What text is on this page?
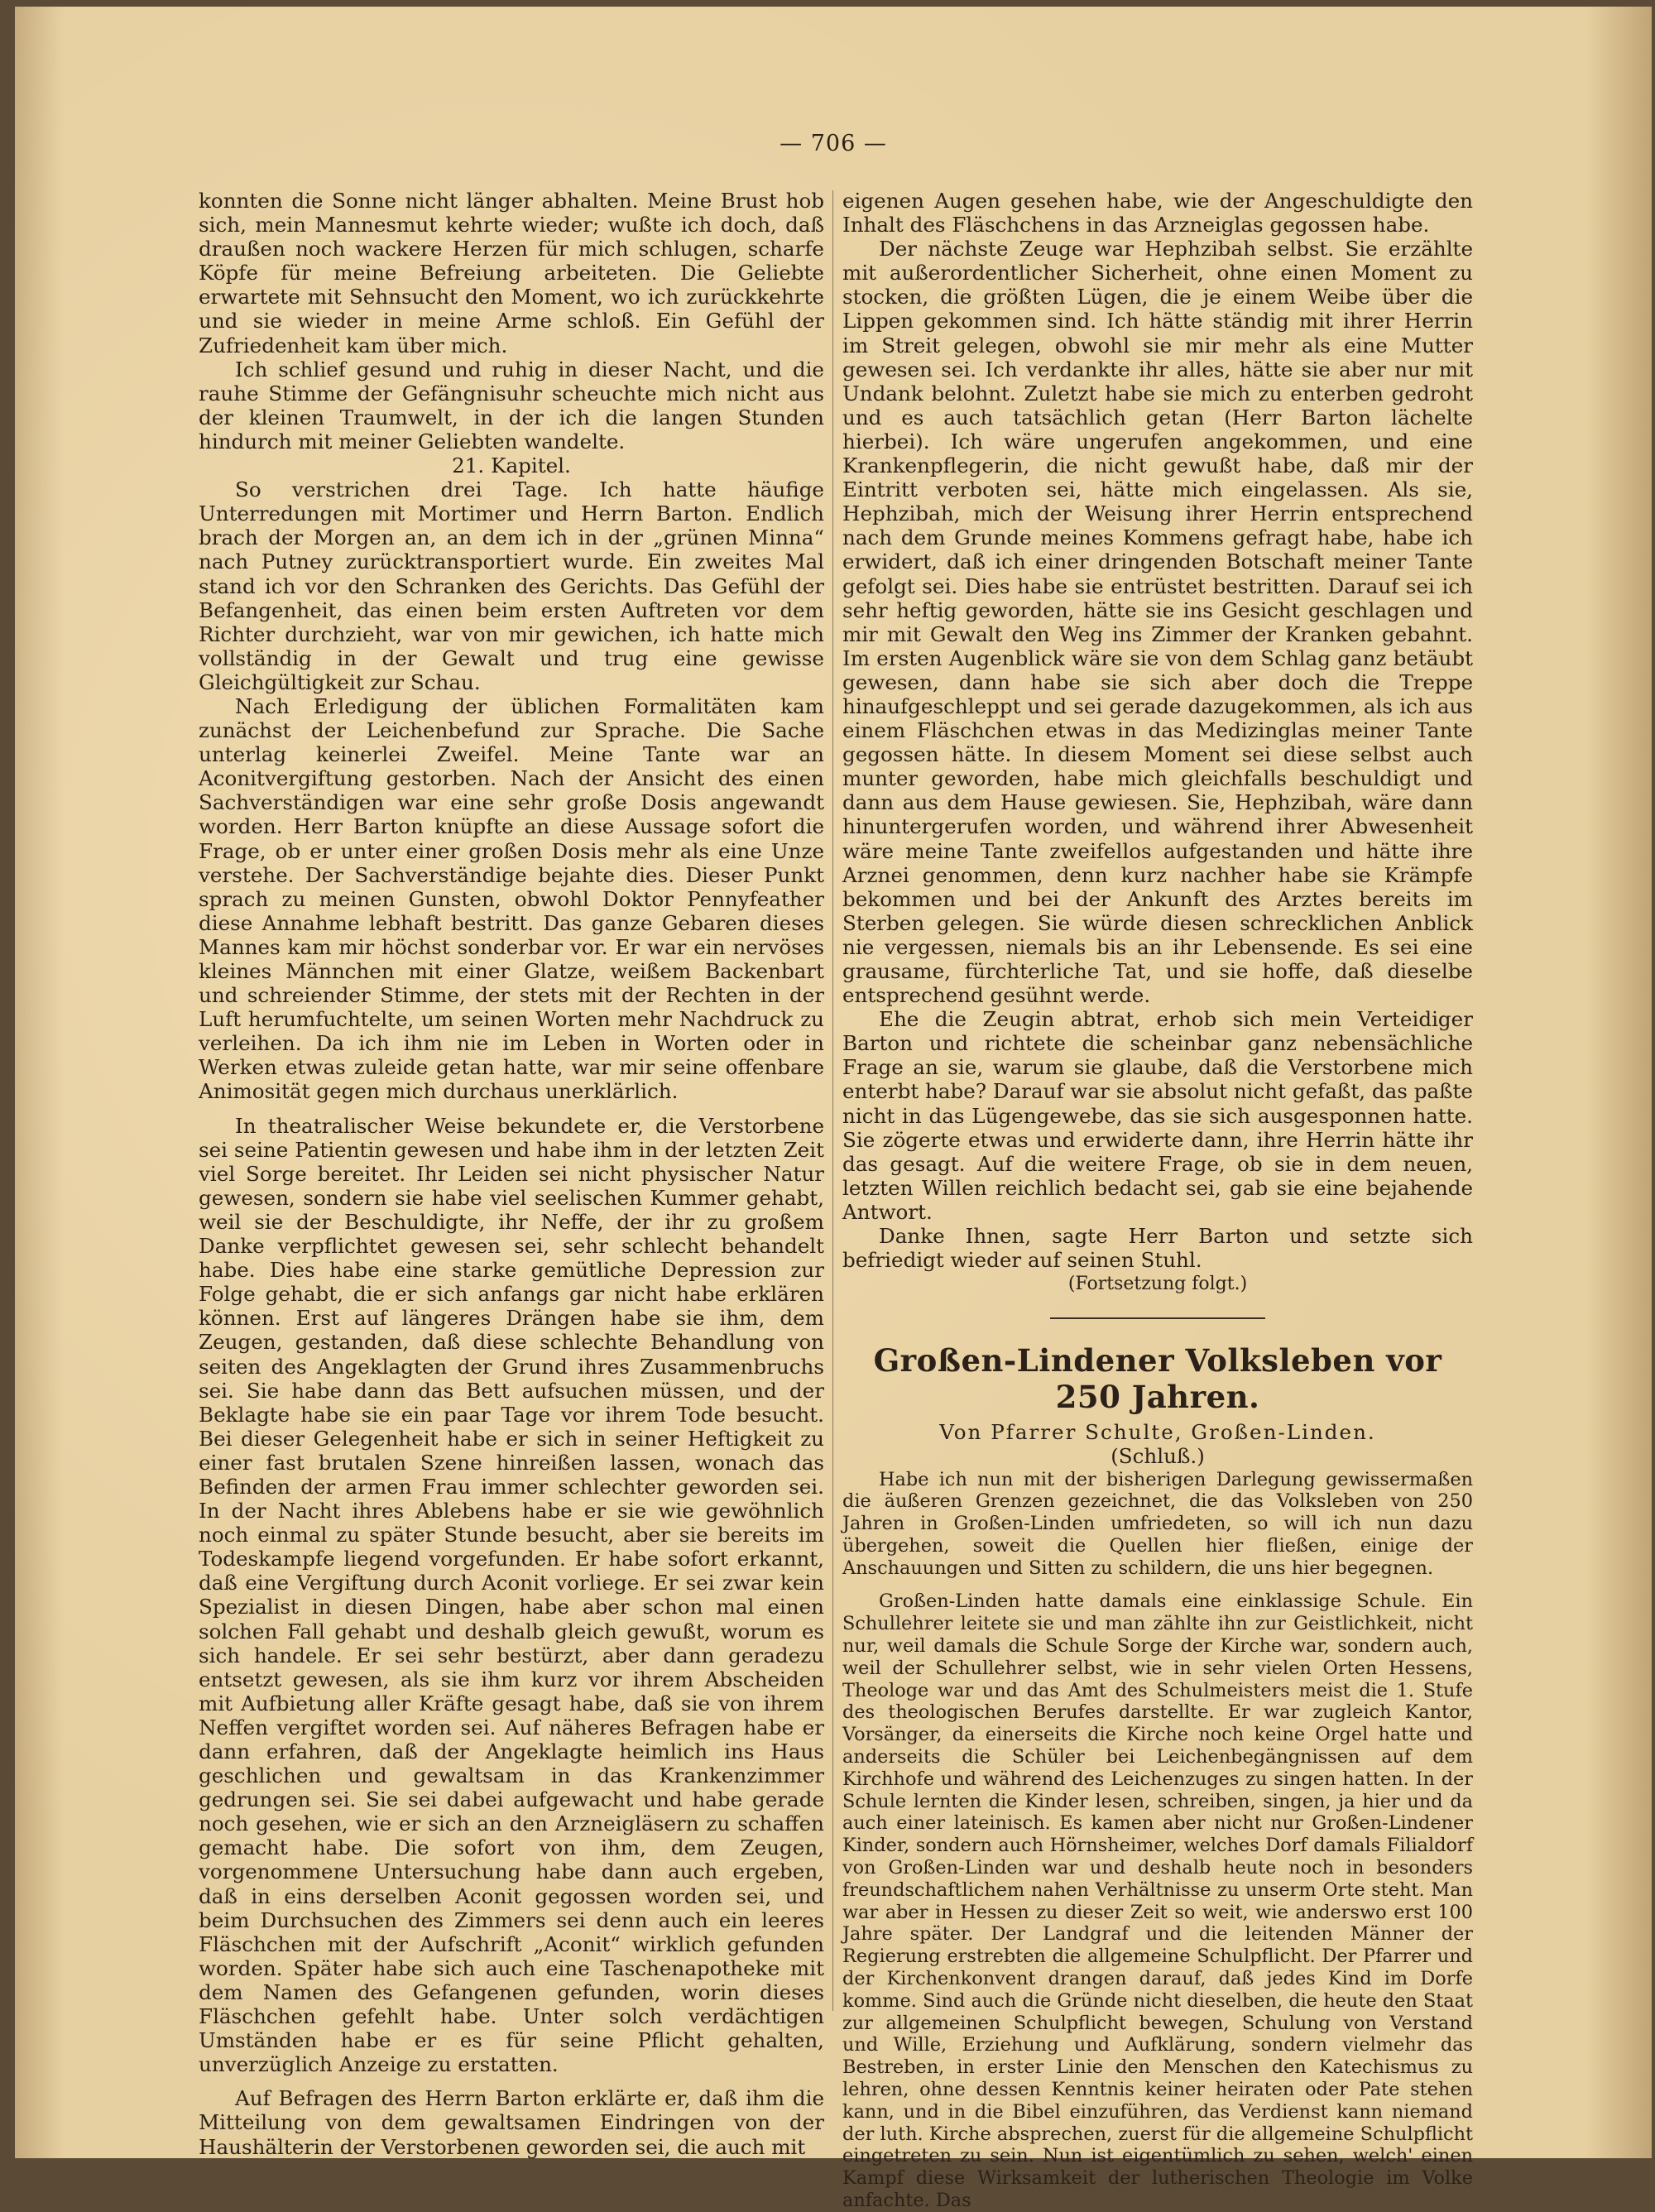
— 706 —

konnten die Sonne nicht länger abhalten. Meine Brust hob sich, mein Mannesmut kehrte wieder; wußte ich doch, daß draußen noch wackere Herzen für mich schlugen, scharfe Köpfe für meine Befreiung arbeiteten. Die Geliebte erwartete mit Sehnsucht den Moment, wo ich zurückkehrte und sie wieder in meine Arme schloß. Ein Gefühl der Zufriedenheit kam über mich.

Ich schlief gesund und ruhig in dieser Nacht, und die rauhe Stimme der Gefängnisuhr scheuchte mich nicht aus der kleinen Traumwelt, in der ich die langen Stunden hindurch mit meiner Geliebten wandelte.

21. Kapitel.

So verstrichen drei Tage. Ich hatte häufige Unterredungen mit Mortimer und Herrn Barton. Endlich brach der Morgen an, an dem ich in der „grünen Minna“ nach Putney zurücktransportiert wurde. Ein zweites Mal stand ich vor den Schranken des Gerichts. Das Gefühl der Befangenheit, das einen beim ersten Auftreten vor dem Richter durchzieht, war von mir gewichen, ich hatte mich vollständig in der Gewalt und trug eine gewisse Gleichgültigkeit zur Schau.

Nach Erledigung der üblichen Formalitäten kam zunächst der Leichenbefund zur Sprache. Die Sache unterlag keinerlei Zweifel. Meine Tante war an Aconitvergiftung gestorben. Nach der Ansicht des einen Sachverständigen war eine sehr große Dosis angewandt worden. Herr Barton knüpfte an diese Aussage sofort die Frage, ob er unter einer großen Dosis mehr als eine Unze verstehe. Der Sachverständige bejahte dies. Dieser Punkt sprach zu meinen Gunsten, obwohl Doktor Pennyfeather diese Annahme lebhaft bestritt. Das ganze Gebaren dieses Mannes kam mir höchst sonderbar vor. Er war ein nervöses kleines Männchen mit einer Glatze, weißem Backenbart und schreiender Stimme, der stets mit der Rechten in der Luft herumfuchtelte, um seinen Worten mehr Nachdruck zu verleihen. Da ich ihm nie im Leben in Worten oder in Werken etwas zuleide getan hatte, war mir seine offenbare Animosität gegen mich durchaus unerklärlich.

In theatralischer Weise bekundete er, die Verstorbene sei seine Patientin gewesen und habe ihm in der letzten Zeit viel Sorge bereitet. Ihr Leiden sei nicht physischer Natur gewesen, sondern sie habe viel seelischen Kummer gehabt, weil sie der Beschuldigte, ihr Neffe, der ihr zu großem Danke verpflichtet gewesen sei, sehr schlecht behandelt habe. Dies habe eine starke gemütliche Depression zur Folge gehabt, die er sich anfangs gar nicht habe erklären können. Erst auf längeres Drängen habe sie ihm, dem Zeugen, gestanden, daß diese schlechte Behandlung von seiten des Angeklagten der Grund ihres Zusammenbruchs sei. Sie habe dann das Bett aufsuchen müssen, und der Beklagte habe sie ein paar Tage vor ihrem Tode besucht. Bei dieser Gelegenheit habe er sich in seiner Heftigkeit zu einer fast brutalen Szene hinreißen lassen, wonach das Befinden der armen Frau immer schlechter geworden sei. In der Nacht ihres Ablebens habe er sie wie gewöhnlich noch einmal zu später Stunde besucht, aber sie bereits im Todeskampfe liegend vorgefunden. Er habe sofort erkannt, daß eine Vergiftung durch Aconit vorliege. Er sei zwar kein Spezialist in diesen Dingen, habe aber schon mal einen solchen Fall gehabt und deshalb gleich gewußt, worum es sich handele. Er sei sehr bestürzt, aber dann geradezu entsetzt gewesen, als sie ihm kurz vor ihrem Abscheiden mit Aufbietung aller Kräfte gesagt habe, daß sie von ihrem Neffen vergiftet worden sei. Auf näheres Befragen habe er dann erfahren, daß der Angeklagte heimlich ins Haus geschlichen und gewaltsam in das Krankenzimmer gedrungen sei. Sie sei dabei aufgewacht und habe gerade noch gesehen, wie er sich an den Arzneigläsern zu schaffen gemacht habe. Die sofort von ihm, dem Zeugen, vorgenommene Untersuchung habe dann auch ergeben, daß in eins derselben Aconit gegossen worden sei, und beim Durchsuchen des Zimmers sei denn auch ein leeres Fläschchen mit der Aufschrift „Aconit“ wirklich gefunden worden. Später habe sich auch eine Taschenapotheke mit dem Namen des Gefangenen gefunden, worin dieses Fläschchen gefehlt habe. Unter solch verdächtigen Umständen habe er es für seine Pflicht gehalten, unverzüglich Anzeige zu erstatten.

Auf Befragen des Herrn Barton erklärte er, daß ihm die Mitteilung von dem gewaltsamen Eindringen von der Haushälterin der Verstorbenen geworden sei, die auch mit

eigenen Augen gesehen habe, wie der Angeschuldigte den Inhalt des Fläschchens in das Arzneiglas gegossen habe.

Der nächste Zeuge war Hephzibah selbst. Sie erzählte mit außerordentlicher Sicherheit, ohne einen Moment zu stocken, die größten Lügen, die je einem Weibe über die Lippen gekommen sind. Ich hätte ständig mit ihrer Herrin im Streit gelegen, obwohl sie mir mehr als eine Mutter gewesen sei. Ich verdankte ihr alles, hätte sie aber nur mit Undank belohnt. Zuletzt habe sie mich zu enterben gedroht und es auch tatsächlich getan (Herr Barton lächelte hierbei). Ich wäre ungerufen angekommen, und eine Krankenpflegerin, die nicht gewußt habe, daß mir der Eintritt verboten sei, hätte mich eingelassen. Als sie, Hephzibah, mich der Weisung ihrer Herrin entsprechend nach dem Grunde meines Kommens gefragt habe, habe ich erwidert, daß ich einer dringenden Botschaft meiner Tante gefolgt sei. Dies habe sie entrüstet bestritten. Darauf sei ich sehr heftig geworden, hätte sie ins Gesicht geschlagen und mir mit Gewalt den Weg ins Zimmer der Kranken gebahnt. Im ersten Augenblick wäre sie von dem Schlag ganz betäubt gewesen, dann habe sie sich aber doch die Treppe hinaufgeschleppt und sei gerade dazugekommen, als ich aus einem Fläschchen etwas in das Medizinglas meiner Tante gegossen hätte. In diesem Moment sei diese selbst auch munter geworden, habe mich gleichfalls beschuldigt und dann aus dem Hause gewiesen. Sie, Hephzibah, wäre dann hinuntergerufen worden, und während ihrer Abwesenheit wäre meine Tante zweifellos aufgestanden und hätte ihre Arznei genommen, denn kurz nachher habe sie Krämpfe bekommen und bei der Ankunft des Arztes bereits im Sterben gelegen. Sie würde diesen schrecklichen Anblick nie vergessen, niemals bis an ihr Lebensende. Es sei eine grausame, fürchterliche Tat, und sie hoffe, daß dieselbe entsprechend gesühnt werde.

Ehe die Zeugin abtrat, erhob sich mein Verteidiger Barton und richtete die scheinbar ganz nebensächliche Frage an sie, warum sie glaube, daß die Verstorbene mich enterbt habe? Darauf war sie absolut nicht gefaßt, das paßte nicht in das Lügengewebe, das sie sich ausgesponnen hatte. Sie zögerte etwas und erwiderte dann, ihre Herrin hätte ihr das gesagt. Auf die weitere Frage, ob sie in dem neuen, letzten Willen reichlich bedacht sei, gab sie eine bejahende Antwort.

Danke Ihnen, sagte Herr Barton und setzte sich befriedigt wieder auf seinen Stuhl.

(Fortsetzung folgt.)

Großen-Lindener Volksleben vor 250 Jahren.

Von Pfarrer Schulte, Großen-Linden.

(Schluß.)

Habe ich nun mit der bisherigen Darlegung gewissermaßen die äußeren Grenzen gezeichnet, die das Volksleben von 250 Jahren in Großen-Linden umfriedeten, so will ich nun dazu übergehen, soweit die Quellen hier fließen, einige der Anschauungen und Sitten zu schildern, die uns hier begegnen.

Großen-Linden hatte damals eine einklassige Schule. Ein Schullehrer leitete sie und man zählte ihn zur Geistlichkeit, nicht nur, weil damals die Schule Sorge der Kirche war, sondern auch, weil der Schullehrer selbst, wie in sehr vielen Orten Hessens, Theologe war und das Amt des Schulmeisters meist die 1. Stufe des theologischen Berufes darstellte. Er war zugleich Kantor, Vorsänger, da einerseits die Kirche noch keine Orgel hatte und anderseits die Schüler bei Leichenbegängnissen auf dem Kirchhofe und während des Leichenzuges zu singen hatten. In der Schule lernten die Kinder lesen, schreiben, singen, ja hier und da auch einer lateinisch. Es kamen aber nicht nur Großen-Lindener Kinder, sondern auch Hörnsheimer, welches Dorf damals Filialdorf von Großen-Linden war und deshalb heute noch in besonders freundschaftlichem nahen Verhältnisse zu unserm Orte steht. Man war aber in Hessen zu dieser Zeit so weit, wie anderswo erst 100 Jahre später. Der Landgraf und die leitenden Männer der Regierung erstrebten die allgemeine Schulpflicht. Der Pfarrer und der Kirchenkonvent drangen darauf, daß jedes Kind im Dorfe komme. Sind auch die Gründe nicht dieselben, die heute den Staat zur allgemeinen Schulpflicht bewegen, Schulung von Verstand und Wille, Erziehung und Aufklärung, sondern vielmehr das Bestreben, in erster Linie den Menschen den Katechismus zu lehren, ohne dessen Kenntnis keiner heiraten oder Pate stehen kann, und in die Bibel einzuführen, das Verdienst kann niemand der luth. Kirche absprechen, zuerst für die allgemeine Schulpflicht eingetreten zu sein. Nun ist eigentümlich zu sehen, welch' einen Kampf diese Wirksamkeit der lutherischen Theologie im Volke anfachte. Das
